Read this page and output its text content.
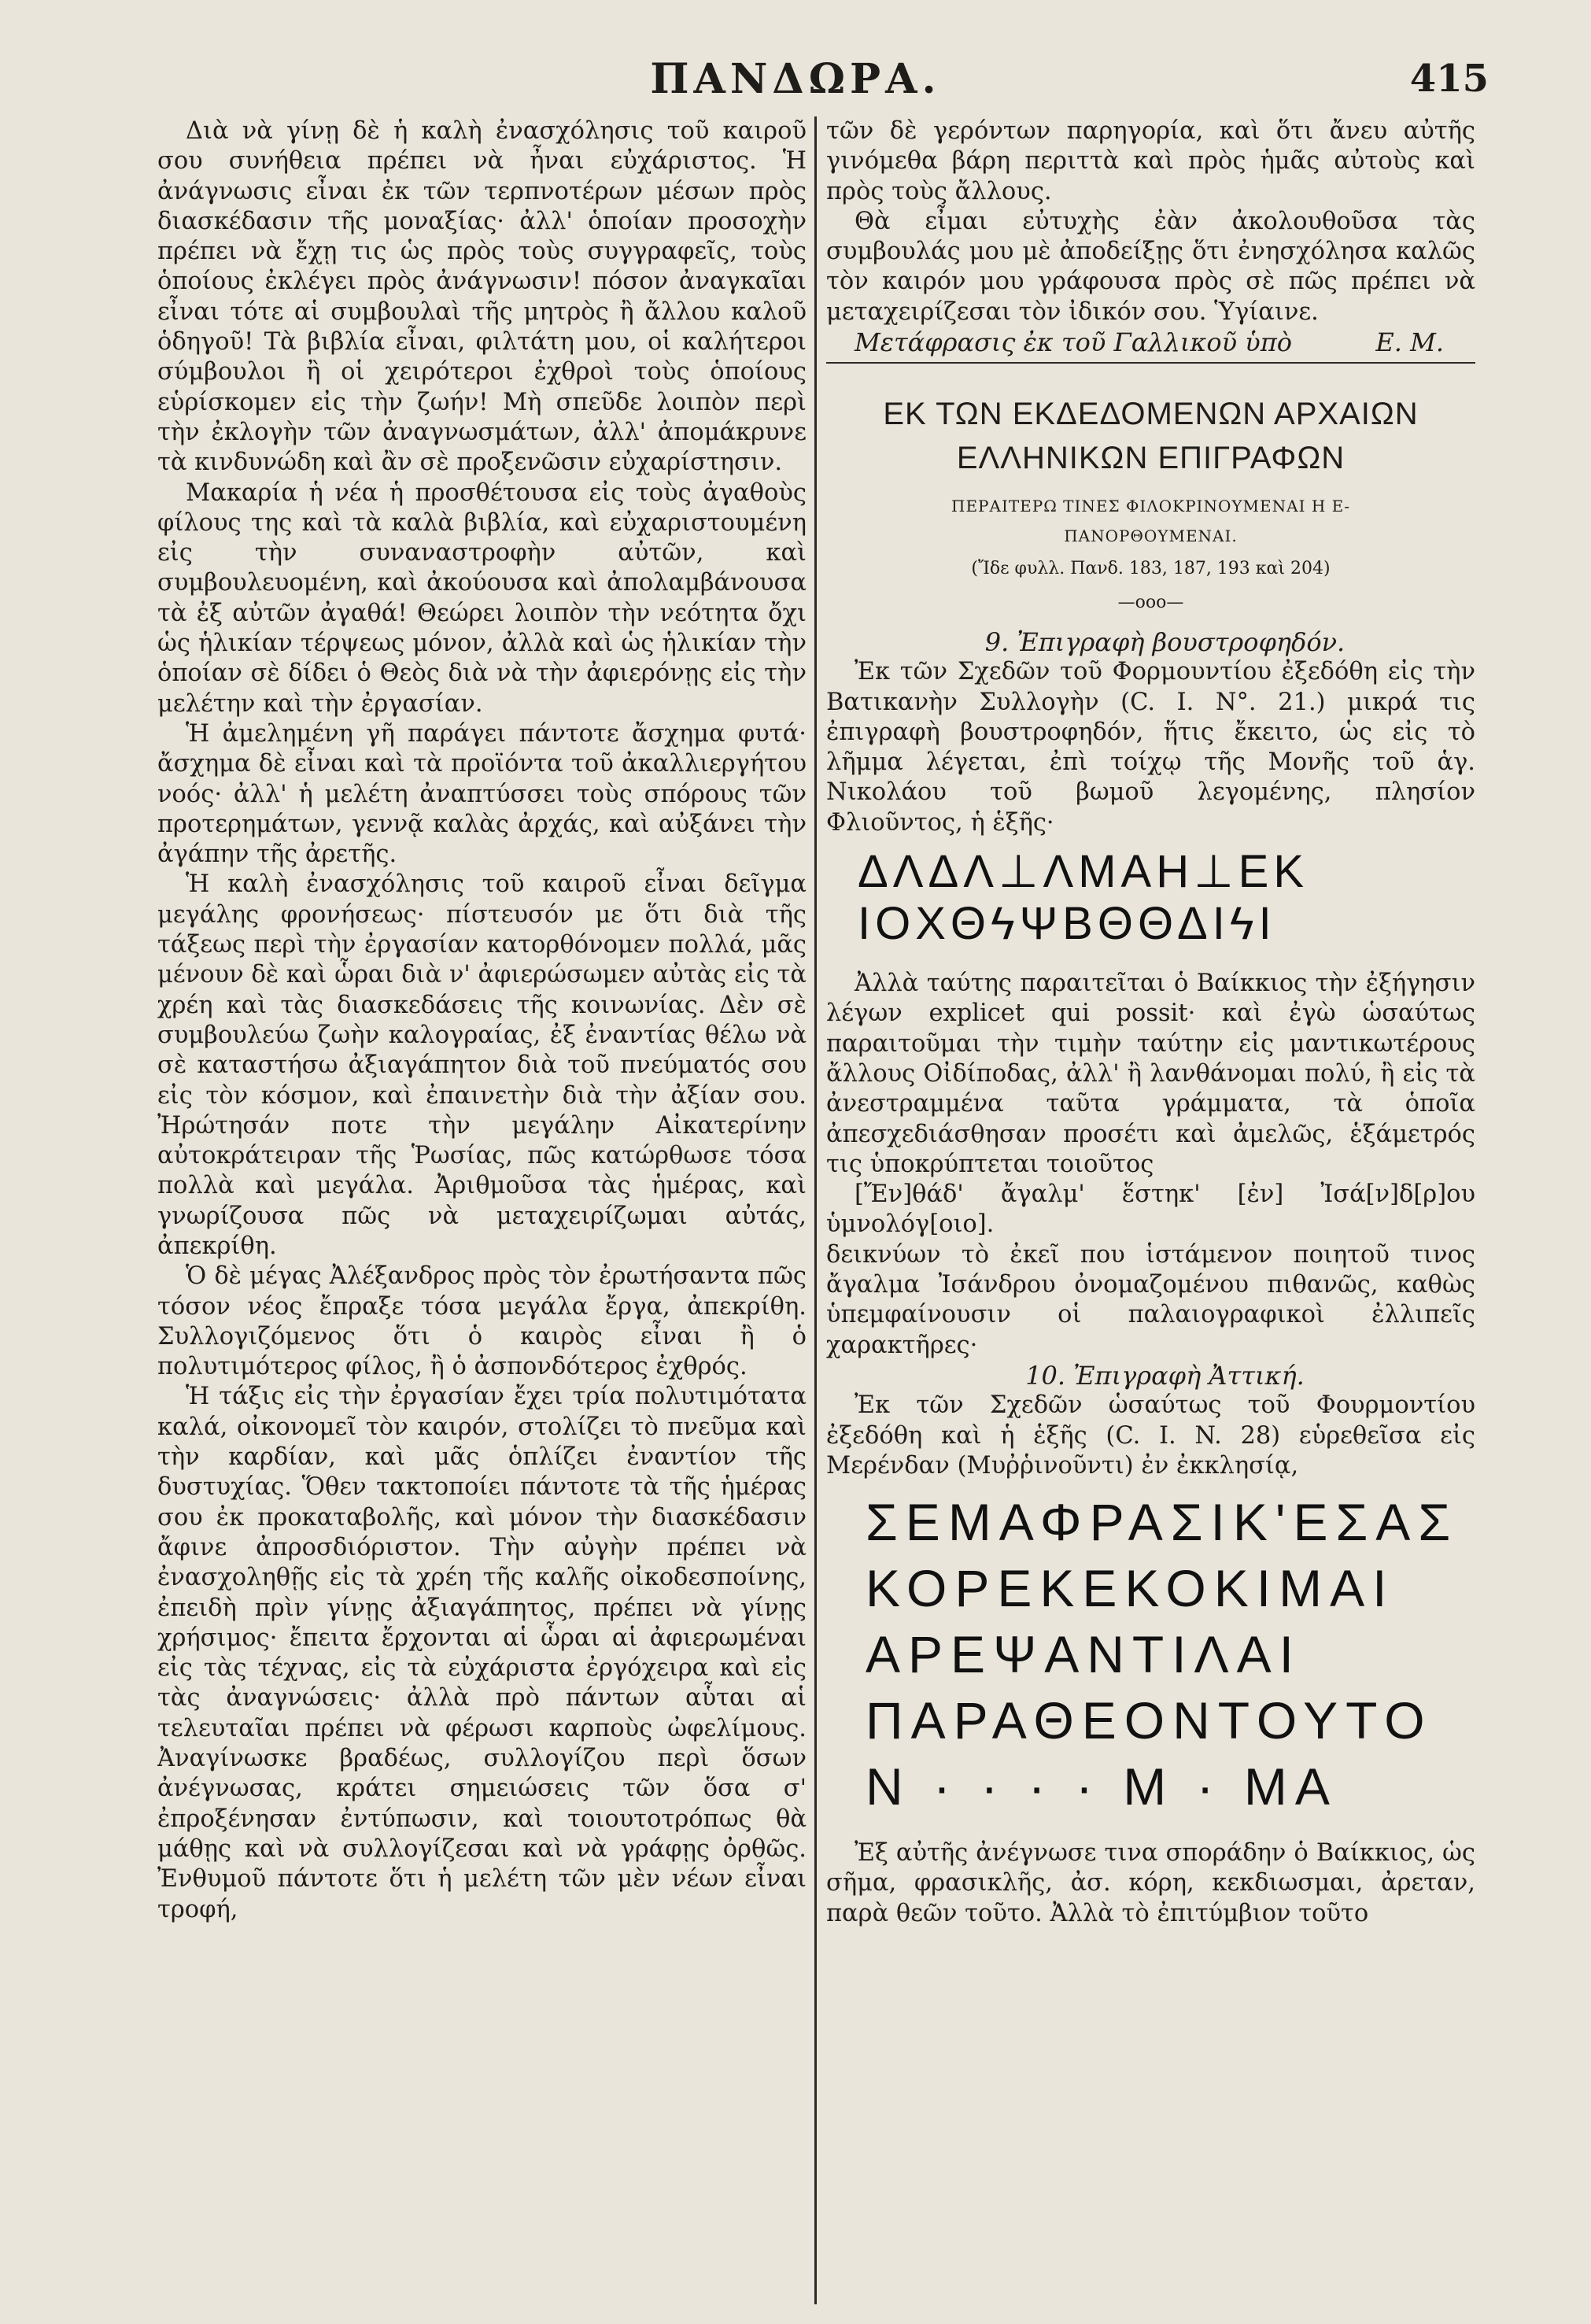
ΠΑΝΔΩΡΑ.	415

Διὰ νὰ γίνῃ δὲ ἡ καλὴ ἐνασχόλησις τοῦ καιροῦ σου συνήθεια πρέπει νὰ ἦναι εὐχάριστος. Ἡ ἀνάγνωσις εἶναι ἐκ τῶν τερπνοτέρων μέσων πρὸς διασκέδασιν τῆς μοναξίας· ἀλλ' ὁποίαν προσοχὴν πρέπει νὰ ἔχῃ τις ὡς πρὸς τοὺς συγγραφεῖς, τοὺς ὁποίους ἐκλέγει πρὸς ἀνάγνωσιν! πόσον ἀναγκαῖαι εἶναι τότε αἱ συμβουλαὶ τῆς μητρὸς ἢ ἄλλου καλοῦ ὁδηγοῦ! Τὰ βιβλία εἶναι, φιλτάτη μου, οἱ καλήτεροι σύμβουλοι ἢ οἱ χειρότεροι ἐχθροὶ τοὺς ὁποίους εὑρίσκομεν εἰς τὴν ζωήν! Μὴ σπεῦδε λοιπὸν περὶ τὴν ἐκλογὴν τῶν ἀναγνωσμάτων, ἀλλ' ἀπομάκρυνε τὰ κινδυνώδη καὶ ἂν σὲ προξενῶσιν εὐχαρίστησιν.

Μακαρία ἡ νέα ἡ προσθέτουσα εἰς τοὺς ἀγαθοὺς φίλους της καὶ τὰ καλὰ βιβλία, καὶ εὐχαριστουμένη εἰς τὴν συναναστροφὴν αὐτῶν, καὶ συμβουλευομένη, καὶ ἀκούουσα καὶ ἀπολαμβάνουσα τὰ ἐξ αὐτῶν ἀγαθά! Θεώρει λοιπὸν τὴν νεότητα ὄχι ὡς ἡλικίαν τέρψεως μόνον, ἀλλὰ καὶ ὡς ἡλικίαν τὴν ὁποίαν σὲ δίδει ὁ Θεὸς διὰ νὰ τὴν ἀφιερόνῃς εἰς τὴν μελέτην καὶ τὴν ἐργασίαν.

Ἡ ἀμελημένη γῆ παράγει πάντοτε ἄσχημα φυτά· ἄσχημα δὲ εἶναι καὶ τὰ προϊόντα τοῦ ἀκαλλιεργήτου νοός· ἀλλ' ἡ μελέτη ἀναπτύσσει τοὺς σπόρους τῶν προτερημάτων, γεννᾷ καλὰς ἀρχάς, καὶ αὐξάνει τὴν ἀγάπην τῆς ἀρετῆς.

Ἡ καλὴ ἐνασχόλησις τοῦ καιροῦ εἶναι δεῖγμα μεγάλης φρονήσεως· πίστευσόν με ὅτι διὰ τῆς τάξεως περὶ τὴν ἐργασίαν κατορθόνομεν πολλά, μᾶς μένουν δὲ καὶ ὧραι διὰ ν' ἀφιερώσωμεν αὐτὰς εἰς τὰ χρέη καὶ τὰς διασκεδάσεις τῆς κοινωνίας. Δὲν σὲ συμβουλεύω ζωὴν καλογραίας, ἐξ ἐναντίας θέλω νὰ σὲ καταστήσω ἀξιαγάπητον διὰ τοῦ πνεύματός σου εἰς τὸν κόσμον, καὶ ἐπαινετὴν διὰ τὴν ἀξίαν σου. Ἠρώτησάν ποτε τὴν μεγάλην Αἰκατερίνην αὐτοκράτειραν τῆς Ῥωσίας, πῶς κατώρθωσε τόσα πολλὰ καὶ μεγάλα. Ἀριθμοῦσα τὰς ἡμέρας, καὶ γνωρίζουσα πῶς νὰ μεταχειρίζωμαι αὐτάς, ἀπεκρίθη.

Ὁ δὲ μέγας Ἀλέξανδρος πρὸς τὸν ἐρωτήσαντα πῶς τόσον νέος ἔπραξε τόσα μεγάλα ἔργα, ἀπεκρίθη. Συλλογιζόμενος ὅτι ὁ καιρὸς εἶναι ἢ ὁ πολυτιμότερος φίλος, ἢ ὁ ἀσπονδότερος ἐχθρός.

Ἡ τάξις εἰς τὴν ἐργασίαν ἔχει τρία πολυτιμότατα καλά, οἰκονομεῖ τὸν καιρόν, στολίζει τὸ πνεῦμα καὶ τὴν καρδίαν, καὶ μᾶς ὁπλίζει ἐναντίον τῆς δυστυχίας. Ὅθεν τακτοποίει πάντοτε τὰ τῆς ἡμέρας σου ἐκ προκαταβολῆς, καὶ μόνον τὴν διασκέδασιν ἄφινε ἀπροσδιόριστον. Τὴν αὐγὴν πρέπει νὰ ἐνασχοληθῇς εἰς τὰ χρέη τῆς καλῆς οἰκοδεσποίνης, ἐπειδὴ πρὶν γίνῃς ἀξιαγάπητος, πρέπει νὰ γίνῃς χρήσιμος· ἔπειτα ἔρχονται αἱ ὧραι αἱ ἀφιερωμέναι εἰς τὰς τέχνας, εἰς τὰ εὐχάριστα ἐργόχειρα καὶ εἰς τὰς ἀναγνώσεις· ἀλλὰ πρὸ πάντων αὗται αἱ τελευταῖαι πρέπει νὰ φέρωσι καρποὺς ὠφελίμους. Ἀναγίνωσκε βραδέως, συλλογίζου περὶ ὅσων ἀνέγνωσας, κράτει σημειώσεις τῶν ὅσα σ' ἐπροξένησαν ἐντύπωσιν, καὶ τοιουτοτρόπως θὰ μάθῃς καὶ νὰ συλλογίζεσαι καὶ νὰ γράφῃς ὀρθῶς. Ἐνθυμοῦ πάντοτε ὅτι ἡ μελέτη τῶν μὲν νέων εἶναι τροφή,

τῶν δὲ γερόντων παρηγορία, καὶ ὅτι ἄνευ αὐτῆς γινόμεθα βάρη περιττὰ καὶ πρὸς ἡμᾶς αὐτοὺς καὶ πρὸς τοὺς ἄλλους.

Θὰ εἶμαι εὐτυχὴς ἐὰν ἀκολουθοῦσα τὰς συμβουλάς μου μὲ ἀποδείξῃς ὅτι ἐνησχόλησα καλῶς τὸν καιρόν μου γράφουσα πρὸς σὲ πῶς πρέπει νὰ μεταχειρίζεσαι τὸν ἰδικόν σου. Ὑγίαινε.

Μετάφρασις ἐκ τοῦ Γαλλικοῦ ὑπὸ	Ε. Μ.

ΕΚ ΤΩΝ ΕΚΔΕΔΟΜΕΝΩΝ ΑΡΧΑΙΩΝ
ΕΛΛΗΝΙΚΩΝ ΕΠΙΓΡΑΦΩΝ
ΠΕΡΑΙΤΕΡΩ ΤΙΝΕΣ ΦΙΛΟΚΡΙΝΟΥΜΕΝΑΙ Η Ε-
ΠΑΝΟΡΘΟΥΜΕΝΑΙ.
(Ἴδε φυλλ. Πανδ. 183, 187, 193 καὶ 204)
—οοο—

9. Ἐπιγραφὴ βουστροφηδόν.

Ἐκ τῶν Σχεδῶν τοῦ Φορμουντίου ἐξεδόθη εἰς τὴν Βατικανὴν Συλλογὴν (C. I. N°. 21.) μικρά τις ἐπιγραφὴ βουστροφηδόν, ἥτις ἔκειτο, ὡς εἰς τὸ λῆμμα λέγεται, ἐπὶ τοίχῳ τῆς Μονῆς τοῦ ἁγ. Νικολάου τοῦ βωμοῦ λεγομένης, πλησίον Φλιοῦντος, ἡ ἑξῆς·

ΔΛΔΛ⊥ΛΜΑΗ⊥ΕΚ
ΙΟΧΘϟΨΒΘΘΔΙϟΙ

Ἀλλὰ ταύτης παραιτεῖται ὁ Βαίκκιος τὴν ἐξήγησιν λέγων explicet qui possit· καὶ ἐγὼ ὡσαύτως παραιτοῦμαι τὴν τιμὴν ταύτην εἰς μαντικωτέρους ἄλλους Οἰδίποδας, ἀλλ' ἢ λανθάνομαι πολύ, ἢ εἰς τὰ ἀνεστραμμένα ταῦτα γράμματα, τὰ ὁποῖα ἀπεσχεδιάσθησαν προσέτι καὶ ἀμελῶς, ἑξάμετρός τις ὑποκρύπτεται τοιοῦτος

[Ἔν]θάδ' ἄγαλμ' ἕστηκ' [ἐν] Ἰσά[ν]δ[ρ]ου ὑμνολόγ[οιο].

δεικνύων τὸ ἐκεῖ που ἱστάμενον ποιητοῦ τινος ἄγαλμα Ἰσάνδρου ὀνομαζομένου πιθανῶς, καθὼς ὑπεμφαίνουσιν οἱ παλαιογραφικοὶ ἐλλιπεῖς χαρακτῆρες·

10. Ἐπιγραφὴ Ἀττική.

Ἐκ τῶν Σχεδῶν ὡσαύτως τοῦ Φουρμοντίου ἐξεδόθη καὶ ἡ ἑξῆς (C. I. N. 28) εὑρεθεῖσα εἰς Μερένδαν (Μυῤῥινοῦντι) ἐν ἐκκλησίᾳ,

ΣΕΜΑΦΡΑΣΙΚ'ΕΣΑΣ
ΚΟΡΕΚΕΚΟΚΙΜΑΙ
ΑΡΕΨΑΝΤΙΛΑΙ
ΠΑΡΑΘΕΟΝΤΟΥΤΟ
Ν · · · · Μ · ΜΑ

Ἐξ αὐτῆς ἀνέγνωσε τινα σποράδην ὁ Βαίκκιος, ὡς σῆμα, φρασικλῆς, ἀσ. κόρη, κεκδιωσμαι, ἀρεταν, παρὰ θεῶν τοῦτο. Ἀλλὰ τὸ ἐπιτύμβιον τοῦτο
